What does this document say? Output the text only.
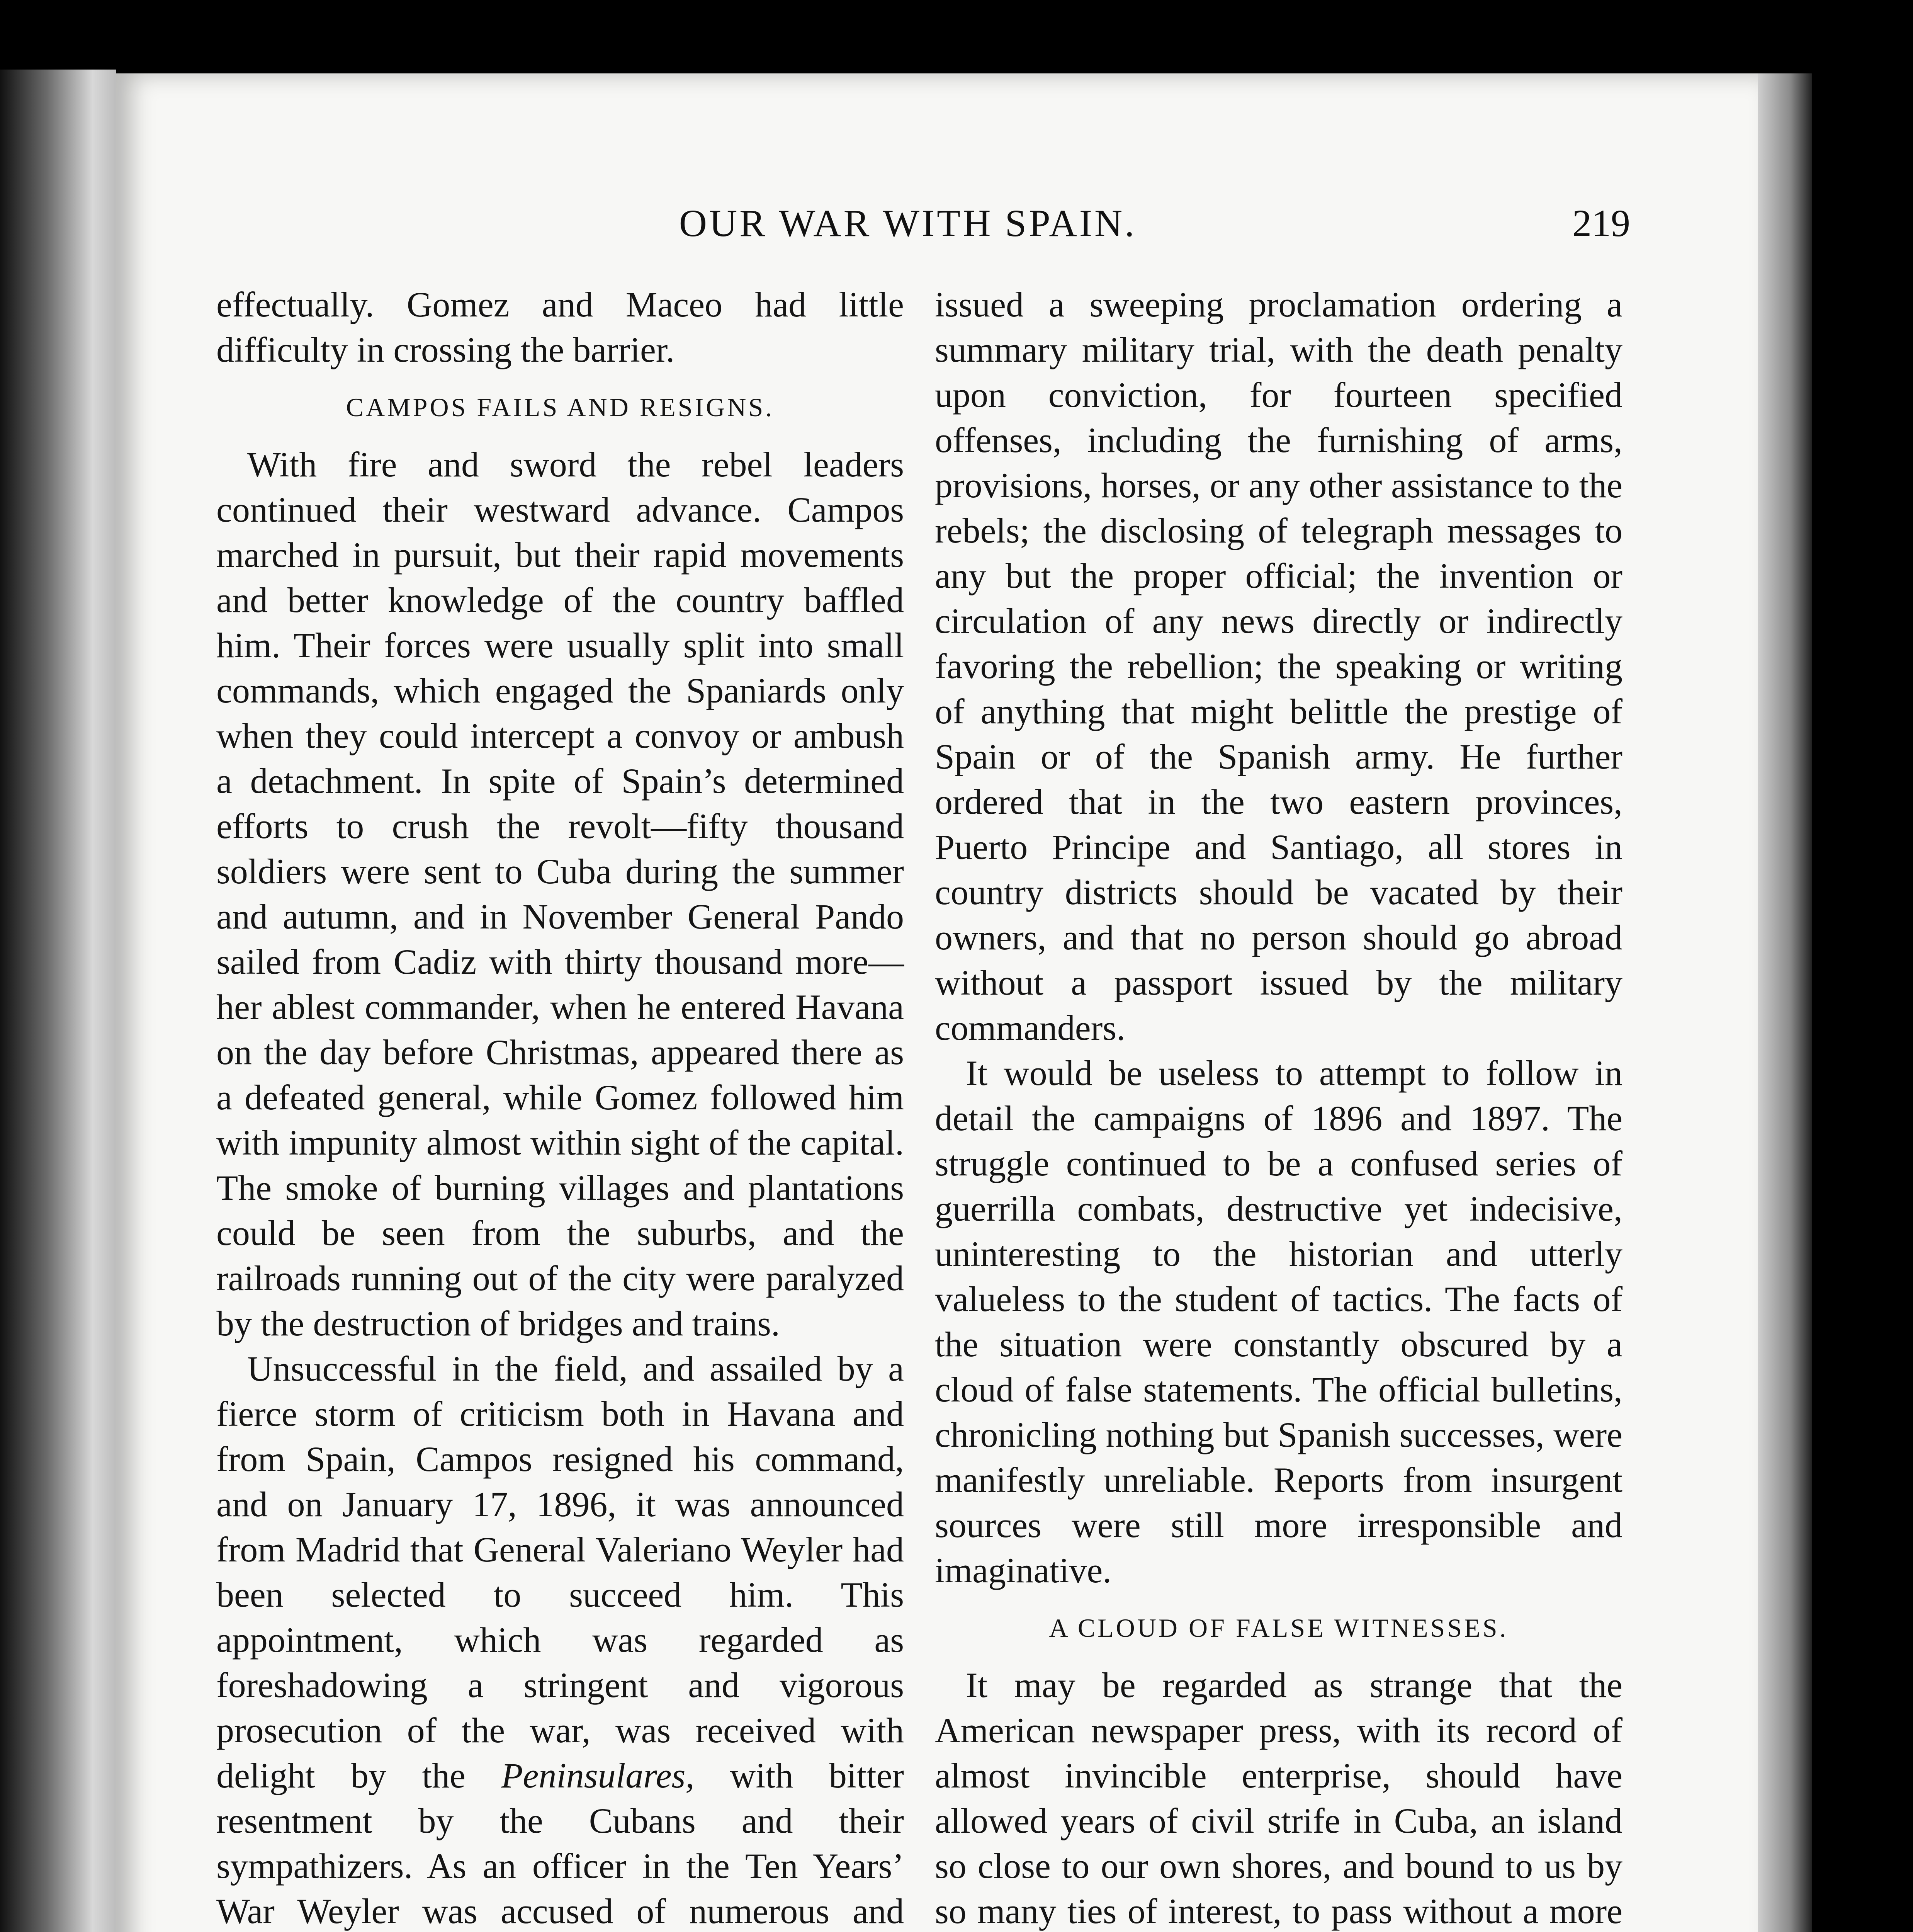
OUR WAR WITH SPAIN.	219

effectually. Gomez and Maceo had little difficulty in crossing the barrier.

CAMPOS FAILS AND RESIGNS.

With fire and sword the rebel leaders continued their westward advance. Campos marched in pursuit, but their rapid movements and better knowledge of the country baffled him. Their forces were usually split into small commands, which engaged the Spaniards only when they could intercept a convoy or ambush a detachment. In spite of Spain’s determined efforts to crush the revolt—fifty thousand soldiers were sent to Cuba during the summer and autumn, and in November General Pando sailed from Cadiz with thirty thousand more—her ablest commander, when he entered Havana on the day before Christmas, appeared there as a defeated general, while Gomez followed him with impunity almost within sight of the capital. The smoke of burning villages and plantations could be seen from the suburbs, and the railroads running out of the city were paralyzed by the destruction of bridges and trains.

Unsuccessful in the field, and assailed by a fierce storm of criticism both in Havana and from Spain, Campos resigned his command, and on January 17, 1896, it was announced from Madrid that General Valeriano Weyler had been selected to succeed him. This appointment, which was regarded as foreshadowing a stringent and vigorous prosecution of the war, was received with delight by the Peninsulares, with bitter resentment by the Cubans and their sympathizers. As an officer in the Ten Years’ War Weyler was accused of numerous and

issued a sweeping proclamation ordering a summary military trial, with the death penalty upon conviction, for fourteen specified offenses, including the furnishing of arms, provisions, horses, or any other assistance to the rebels; the disclosing of telegraph messages to any but the proper official; the invention or circulation of any news directly or indirectly favoring the rebellion; the speaking or writing of anything that might belittle the prestige of Spain or of the Spanish army. He further ordered that in the two eastern provinces, Puerto Principe and Santiago, all stores in country districts should be vacated by their owners, and that no person should go abroad without a passport issued by the military commanders.

It would be useless to attempt to follow in detail the campaigns of 1896 and 1897. The struggle continued to be a confused series of guerrilla combats, destructive yet indecisive, uninteresting to the historian and utterly valueless to the student of tactics. The facts of the situation were constantly obscured by a cloud of false statements. The official bulletins, chronicling nothing but Spanish successes, were manifestly unreliable. Reports from insurgent sources were still more irresponsible and imaginative.

A CLOUD OF FALSE WITNESSES.

It may be regarded as strange that the American newspaper press, with its record of almost invincible enterprise, should have allowed years of civil strife in Cuba, an island so close to our own shores, and bound to us by so many ties of interest, to pass without a more
